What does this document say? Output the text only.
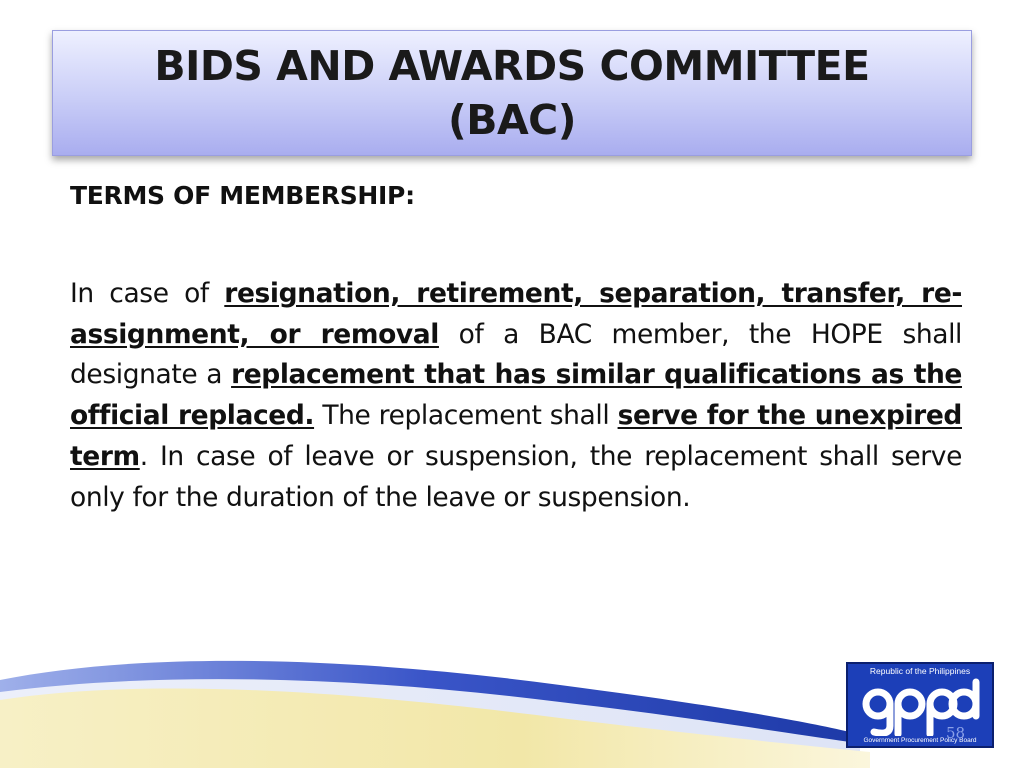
BIDS AND AWARDS COMMITTEE
(BAC)
TERMS OF MEMBERSHIP:
In case of resignation, retirement, separation, transfer, re-assignment, or removal of a BAC member, the HOPE shall designate a replacement that has similar qualifications as the official replaced. The replacement shall serve for the unexpired term. In case of leave or suspension, the replacement shall serve only for the duration of the leave or suspension.
Republic of the Philippines
Government Procurement Policy Board
58
